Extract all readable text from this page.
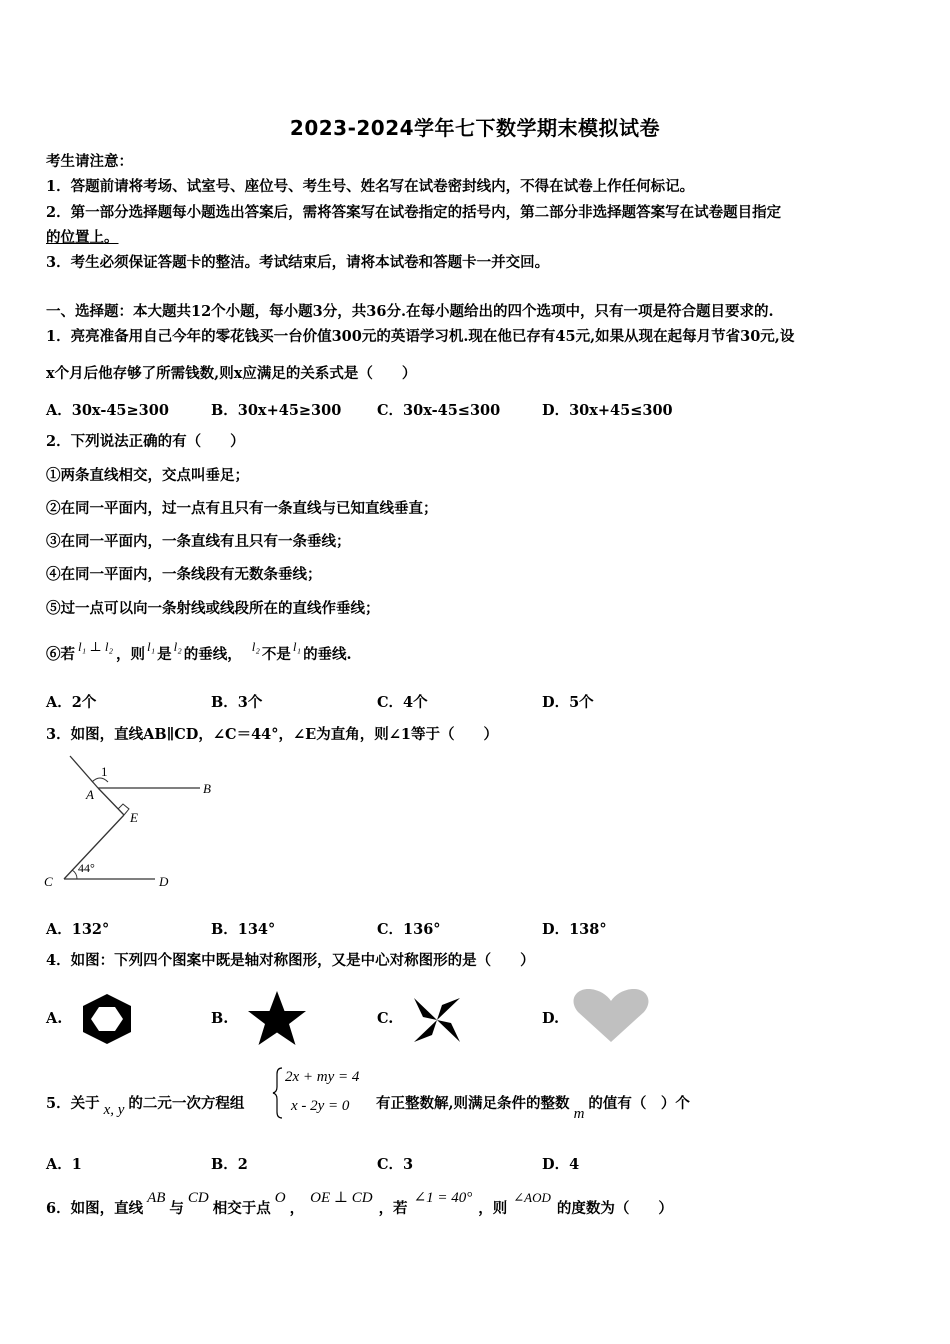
2023-2024学年七下数学期末模拟试卷
考生请注意：
1．答题前请将考场、试室号、座位号、考生号、姓名写在试卷密封线内，不得在试卷上作任何标记。
2．第一部分选择题每小题选出答案后，需将答案写在试卷指定的括号内，第二部分非选择题答案写在试卷题目指定
的位置上。
3．考生必须保证答题卡的整洁。考试结束后，请将本试卷和答题卡一并交回。
一、选择题：本大题共12个小题，每小题3分，共36分.在每小题给出的四个选项中，只有一项是符合题目要求的.
1．亮亮准备用自己今年的零花钱买一台价值300元的英语学习机.现在他已存有45元,如果从现在起每月节省30元,设
x个月后他存够了所需钱数,则x应满足的关系式是（　　）
A．30x-45≥300	B．30x+45≥300 C．30x-45≤300	D．30x+45≤300
2．下列说法正确的有（　　）
①两条直线相交，交点叫垂足；
②在同一平面内，过一点有且只有一条直线与已知直线垂直；
③在同一平面内，一条直线有且只有一条垂线；
④在同一平面内，一条线段有无数条垂线；
⑤过一点可以向一条射线或线段所在的直线作垂线；
⑥若 l₁ ⊥ l₂ ，则 l₁ 是 l₂ 的垂线， l₂ 不是 l₁ 的垂线.
A．2个	B．3个	C．4个	D．5个
3．如图，直线AB∥CD，∠C＝44°，∠E为直角，则∠1等于（　　）
1
A	B
E
C	D
44°
A．132°	B．134°	C．136°	D．138°
4．如图：下列四个图案中既是轴对称图形，又是中心对称图形的是（　　）
A.	B.	C.	D.
5．关于 x, y 的二元一次方程组
2x + my = 4
x - 2y = 0 有正整数解,则满足条件的整数m的值有（　）个
A．1	B．2	C．3	D．4
6．如图，直线AB与CD相交于点O，OE ⊥ CD，若∠1 = 40°，则∠AOD的度数为（　　）
